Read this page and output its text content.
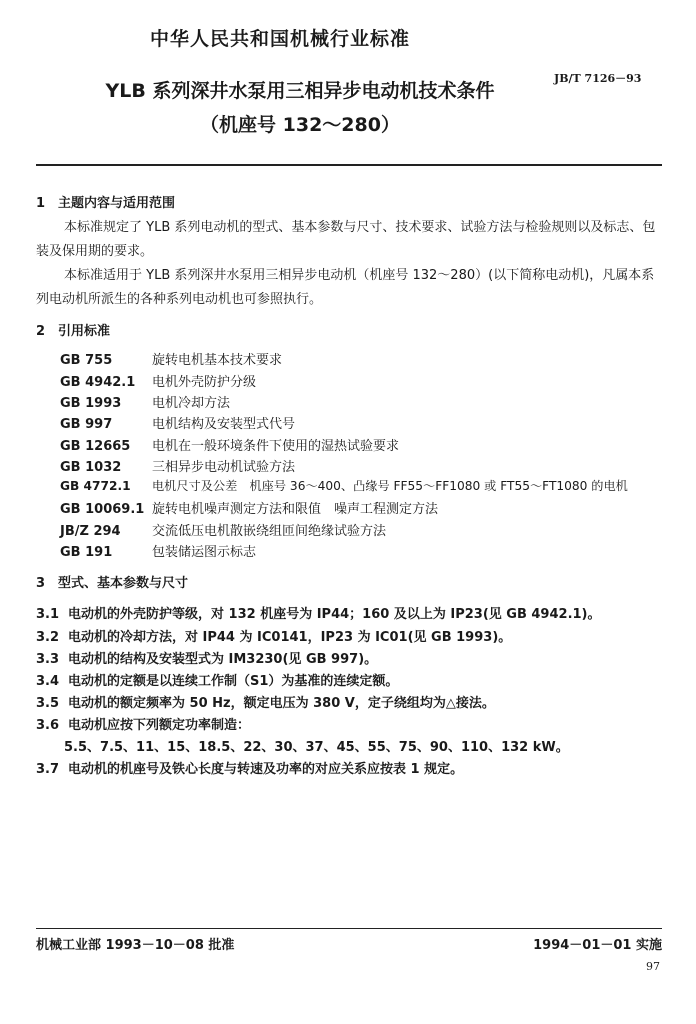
中华人民共和国机械行业标准
JB/T 7126－93
YLB 系列深井水泵用三相异步电动机技术条件
（机座号 132～280）
1 主题内容与适用范围
本标准规定了 YLB 系列电动机的型式、基本参数与尺寸、技术要求、试验方法与检验规则以及标志、包装及保用期的要求。
本标准适用于 YLB 系列深井水泵用三相异步电动机（机座号 132～280）(以下简称电动机)，凡属本系列电动机所派生的各种系列电动机也可参照执行。
2 引用标准
GB 755	旋转电机基本技术要求
GB 4942.1 电机外壳防护分级
GB 1993 电机冷却方法
GB 997	电机结构及安装型式代号
GB 12665 电机在一般环境条件下使用的湿热试验要求
GB 1032 三相异步电动机试验方法
GB 4772.1 电机尺寸及公差　机座号 36～400、凸缘号 FF55～FF1080 或 FT55～FT1080 的电机
GB 10069.1 旋转电机噪声测定方法和限值　噪声工程测定方法
JB/Z 294 交流低压电机散嵌绕组匝间绝缘试验方法
GB 191	包装储运图示标志
3 型式、基本参数与尺寸
3.1 电动机的外壳防护等级，对 132 机座号为 IP44；160 及以上为 IP23(见 GB 4942.1)。
3.2 电动机的冷却方法，对 IP44 为 IC0141，IP23 为 IC01(见 GB 1993)。
3.3 电动机的结构及安装型式为 IM3230(见 GB 997)。
3.4 电动机的定额是以连续工作制（S1）为基准的连续定额。
3.5 电动机的额定频率为 50 Hz，额定电压为 380 V，定子绕组均为△接法。
3.6 电动机应按下列额定功率制造：
5.5、7.5、11、15、18.5、22、30、37、45、55、75、90、110、132 kW。
3.7 电动机的机座号及铁心长度与转速及功率的对应关系应按表 1 规定。
机械工业部 1993－10－08 批准	1994－01－01 实施
97
